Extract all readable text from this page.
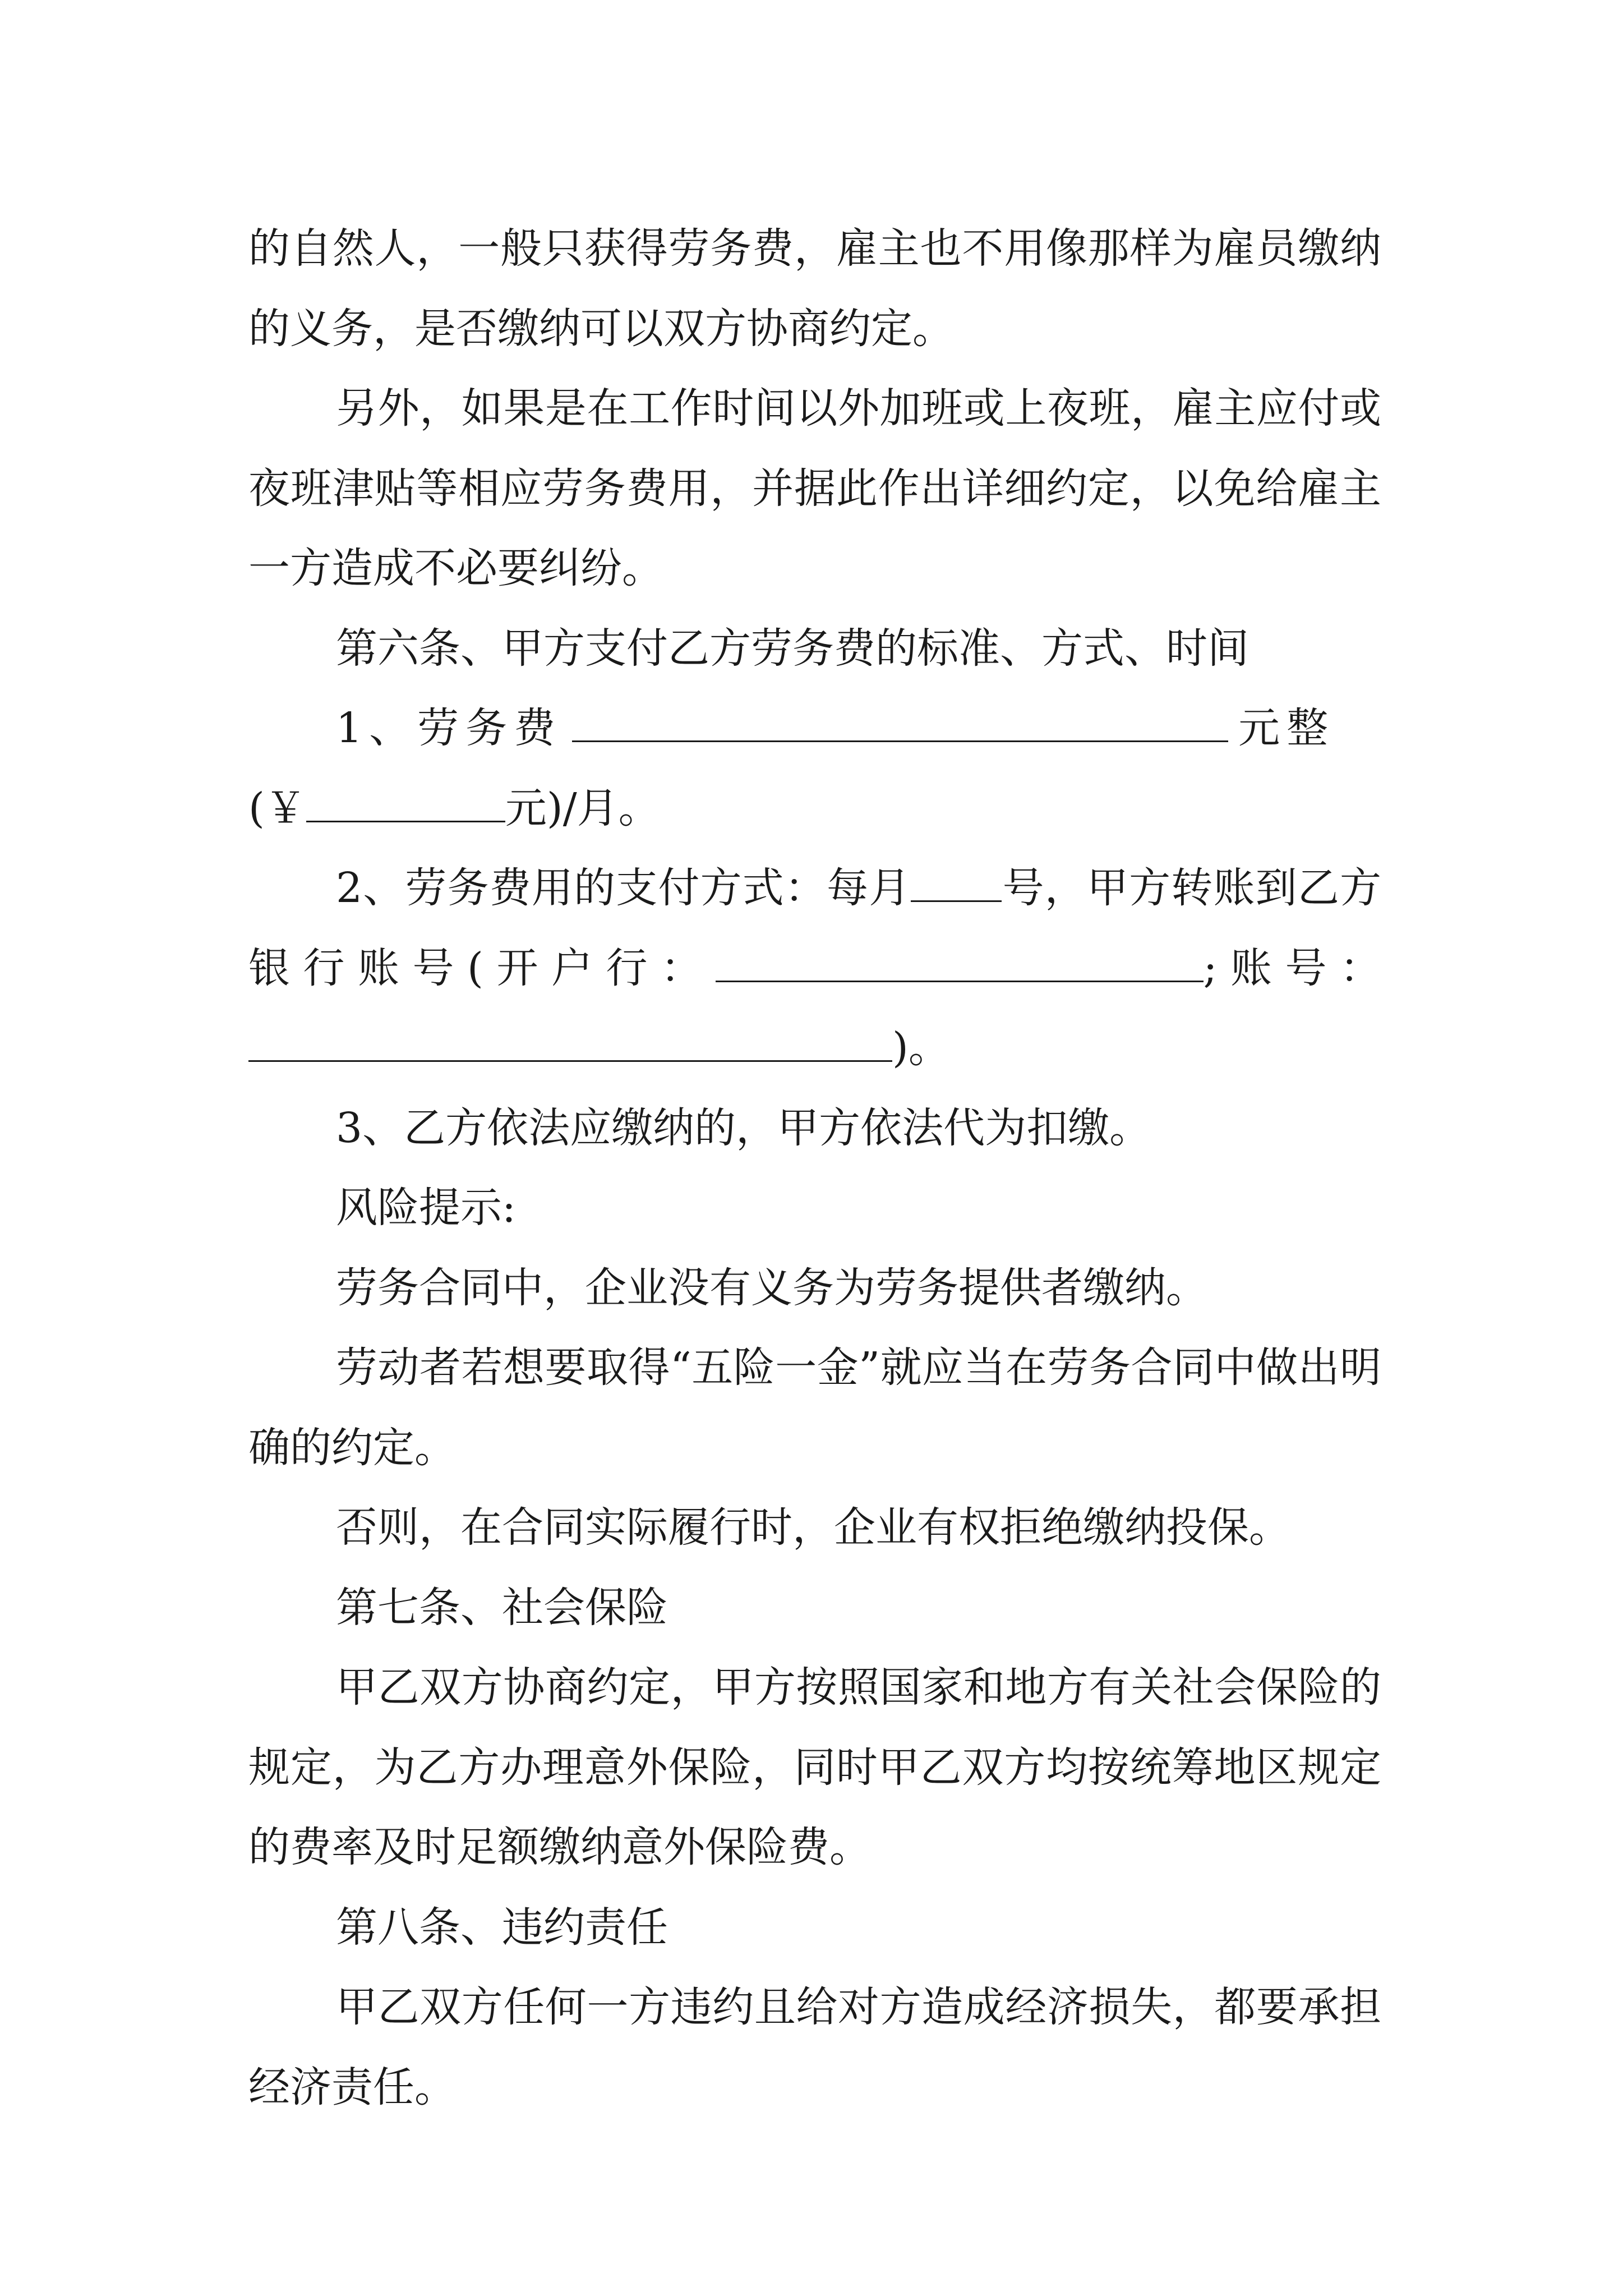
的自然人，一般只获得劳务费，雇主也不用像那样为雇员缴纳的义务，是否缴纳可以双方协商约定。

另外，如果是在工作时间以外加班或上夜班，雇主应付或夜班津贴等相应劳务费用，并据此作出详细约定，以免给雇主一方造成不必要纠纷。

第六条、甲方支付乙方劳务费的标准、方式、时间

1、劳务费	元整

(￥	元)/月。

2、劳务费用的支付方式：每月 号，甲方转账到乙方银行账号(开户行：	;账号：)。

3、乙方依法应缴纳的，甲方依法代为扣缴。

风险提示:

劳务合同中，企业没有义务为劳务提供者缴纳。

劳动者若想要取得“五险一金”就应当在劳务合同中做出明确的约定。

否则，在合同实际履行时，企业有权拒绝缴纳投保。

第七条、社会保险

甲乙双方协商约定，甲方按照国家和地方有关社会保险的规定，为乙方办理意外保险，同时甲乙双方均按统筹地区规定的费率及时足额缴纳意外保险费。

第八条、违约责任

甲乙双方任何一方违约且给对方造成经济损失，都要承担经济责任。
